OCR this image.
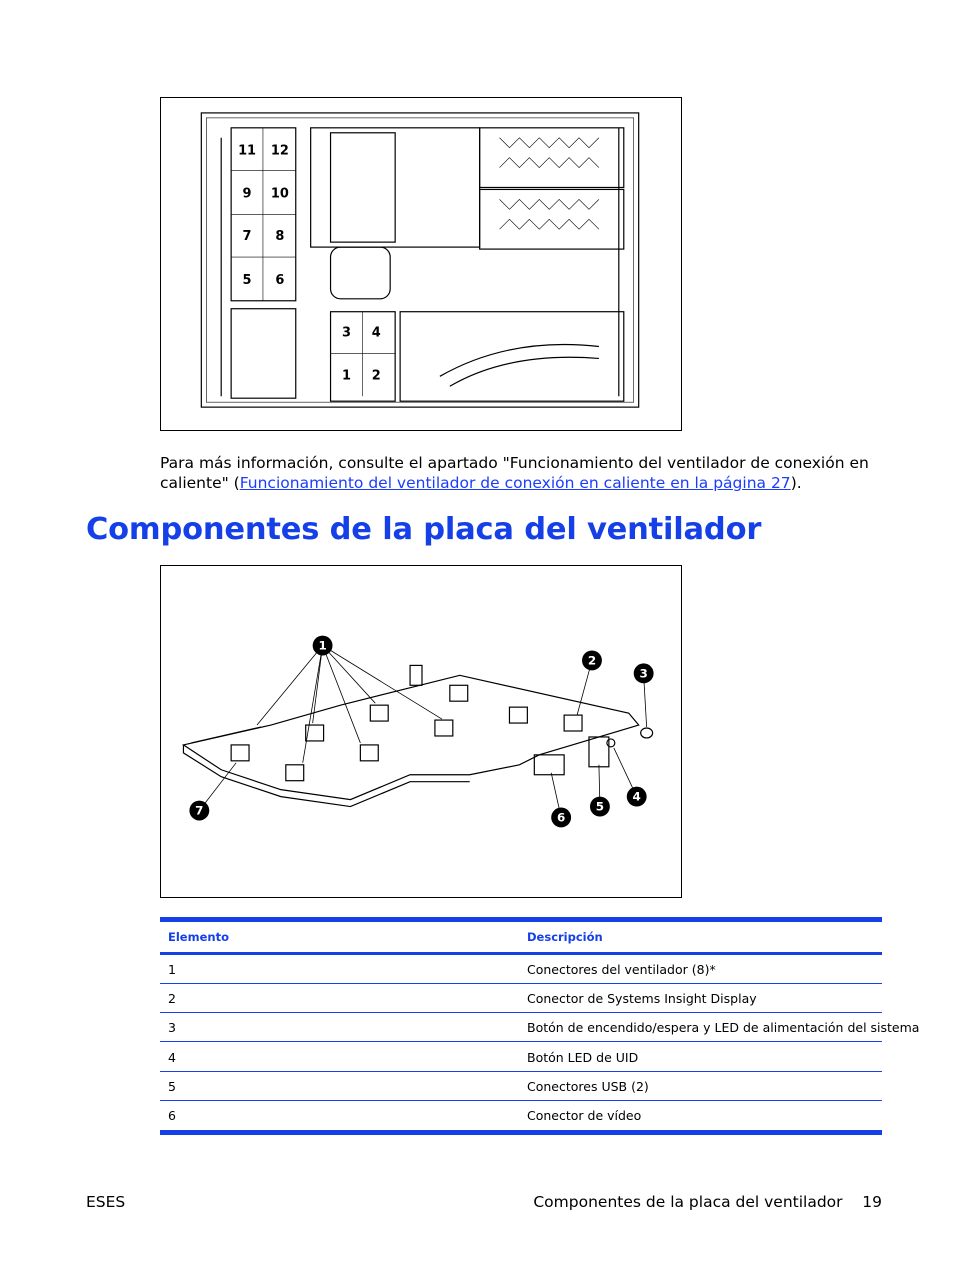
11 12
9 10
7 8
5 6
3 4
1 2
Para más información, consulte el apartado "Funcionamiento del ventilador de conexión en caliente" (Funcionamiento del ventilador de conexión en caliente en la página 27).
Componentes de la placa del ventilador
1
2
3
4
5
6
7
Elemento	Descripción
1	Conectores del ventilador (8)*
2	Conector de Systems Insight Display
3	Botón de encendido/espera y LED de alimentación del sistema
4	Botón LED de UID
5	Conectores USB (2)
6	Conector de vídeo
ESES	Componentes de la placa del ventilador 19
